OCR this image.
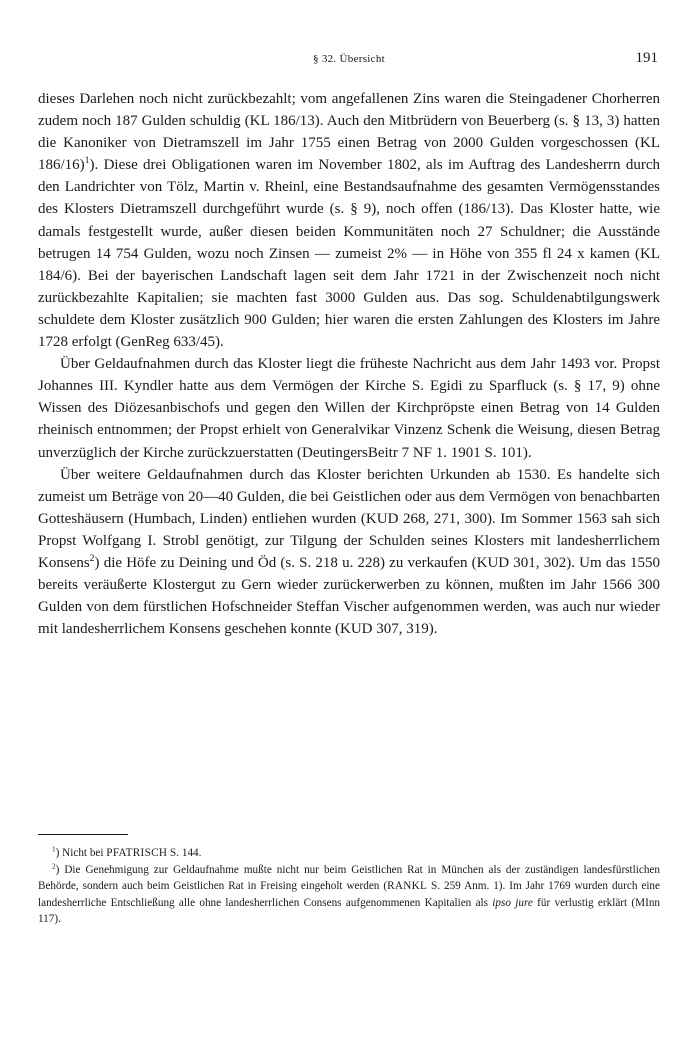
§ 32. Übersicht	191

dieses Darlehen noch nicht zurückbezahlt; vom angefallenen Zins waren die Steingadener Chorherren zudem noch 187 Gulden schuldig (KL 186/13). Auch den Mitbrüdern von Beuerberg (s. § 13, 3) hatten die Kanoniker von Dietramszell im Jahr 1755 einen Betrag von 2000 Gulden vorgeschossen (KL 186/16)$^1$). Diese drei Obligationen waren im November 1802, als im Auftrag des Landesherrn durch den Landrichter von Tölz, Martin v. Rheinl, eine Bestandsaufnahme des gesamten Vermögensstandes des Klosters Dietramszell durchgeführt wurde (s. § 9), noch offen (186/13). Das Kloster hatte, wie damals festgestellt wurde, außer diesen beiden Kommunitäten noch 27 Schuldner; die Ausstände betrugen 14 754 Gulden, wozu noch Zinsen — zumeist 2% — in Höhe von 355 fl 24 x kamen (KL 184/6). Bei der bayerischen Landschaft lagen seit dem Jahr 1721 in der Zwischenzeit noch nicht zurückbezahlte Kapitalien; sie machten fast 3000 Gulden aus. Das sog. Schuldenabtilgungswerk schuldete dem Kloster zusätzlich 900 Gulden; hier waren die ersten Zahlungen des Klosters im Jahre 1728 erfolgt (GenReg 633/45).

Über Geldaufnahmen durch das Kloster liegt die früheste Nachricht aus dem Jahr 1493 vor. Propst Johannes III. Kyndler hatte aus dem Vermögen der Kirche S. Egidi zu Sparfluck (s. § 17, 9) ohne Wissen des Diözesanbischofs und gegen den Willen der Kirchpröpste einen Betrag von 14 Gulden rheinisch entnommen; der Propst erhielt von Generalvikar Vinzenz Schenk die Weisung, diesen Betrag unverzüglich der Kirche zurückzuerstatten (DeutingersBeitr 7 NF 1. 1901 S. 101).

Über weitere Geldaufnahmen durch das Kloster berichten Urkunden ab 1530. Es handelte sich zumeist um Beträge von 20—40 Gulden, die bei Geistlichen oder aus dem Vermögen von benachbarten Gotteshäusern (Humbach, Linden) entliehen wurden (KUD 268, 271, 300). Im Sommer 1563 sah sich Propst Wolfgang I. Strobl genötigt, zur Tilgung der Schulden seines Klosters mit landesherrlichem Konsens$^2$) die Höfe zu Deining und Öd (s. S. 218 u. 228) zu verkaufen (KUD 301, 302). Um das 1550 bereits veräußerte Klostergut zu Gern wieder zurückerwerben zu können, mußten im Jahr 1566 300 Gulden von dem fürstlichen Hofschneider Steffan Vischer aufgenommen werden, was auch nur wieder mit landesherrlichem Konsens geschehen konnte (KUD 307, 319).

$^1$) Nicht bei PFATRISCH S. 144.

$^2$) Die Genehmigung zur Geldaufnahme mußte nicht nur beim Geistlichen Rat in München als der zuständigen landesfürstlichen Behörde, sondern auch beim Geistlichen Rat in Freising eingeholt werden (RANKL S. 259 Anm. 1). Im Jahr 1769 wurden durch eine landesherrliche Entschließung alle ohne landesherrlichen Consens aufgenommenen Kapitalien als ipso jure für verlustig erklärt (MInn 117).
